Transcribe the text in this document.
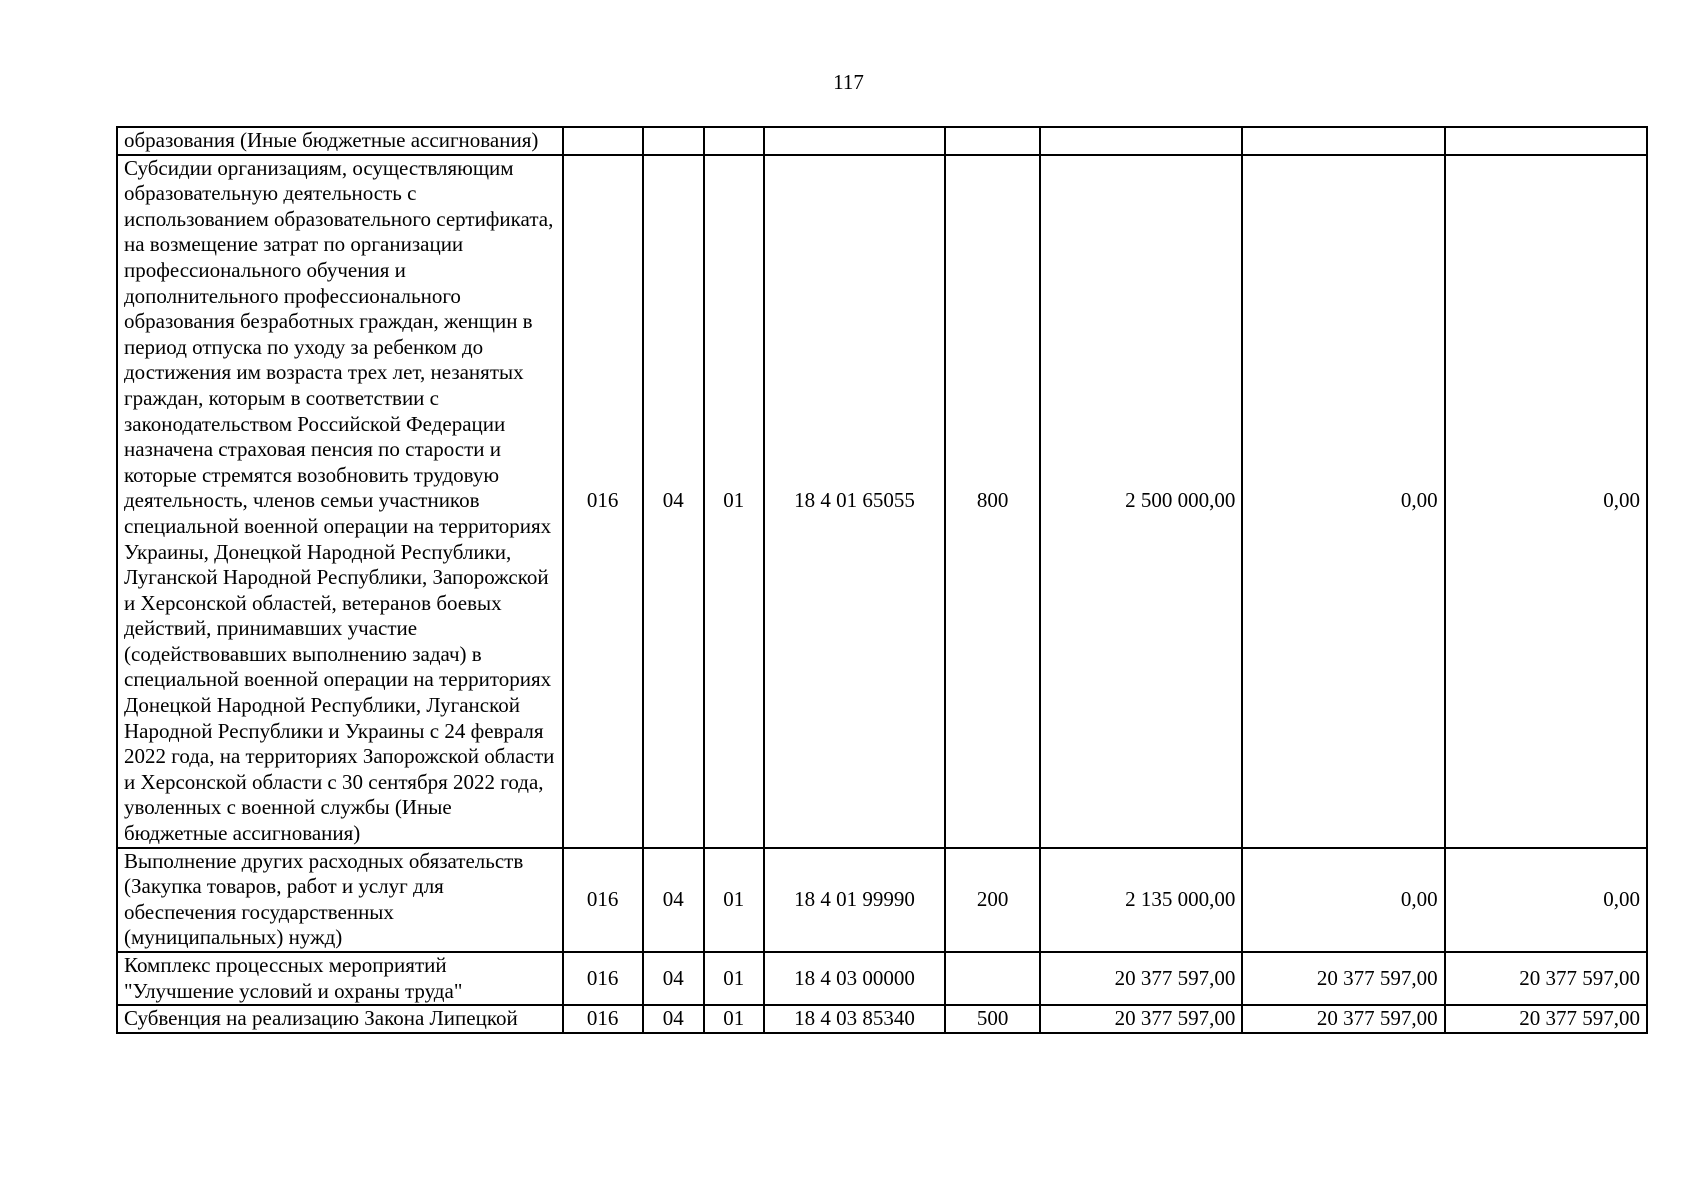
117
образования (Иные бюджетные ассигнования)								
Субсидии организациям, осуществляющим образовательную деятельность с использованием образовательного сертификата, на возмещение затрат по организации профессионального обучения и дополнительного профессионального образования безработных граждан, женщин в период отпуска по уходу за ребенком до достижения им возраста трех лет, незанятых граждан, которым в соответствии с законодательством Российской Федерации назначена страховая пенсия по старости и которые стремятся возобновить трудовую деятельность, членов семьи участников специальной военной операции на территориях Украины, Донецкой Народной Республики, Луганской Народной Республики, Запорожской и Херсонской областей, ветеранов боевых действий, принимавших участие (содействовавших выполнению задач) в специальной военной операции на территориях Донецкой Народной Республики, Луганской Народной Республики и Украины с 24 февраля 2022 года, на территориях Запорожской области и Херсонской области с 30 сентября 2022 года, уволенных с военной службы (Иные бюджетные ассигнования)	016	04	01	18 4 01 65055	800	2 500 000,00	0,00	0,00
Выполнение других расходных обязательств (Закупка товаров, работ и услуг для обеспечения государственных (муниципальных) нужд)	016	04	01	18 4 01 99990	200	2 135 000,00	0,00	0,00
Комплекс процессных мероприятий "Улучшение условий и охраны труда"	016	04	01	18 4 03 00000		20 377 597,00	20 377 597,00	20 377 597,00
Субвенция на реализацию Закона Липецкой	016	04	01	18 4 03 85340	500	20 377 597,00	20 377 597,00	20 377 597,00
